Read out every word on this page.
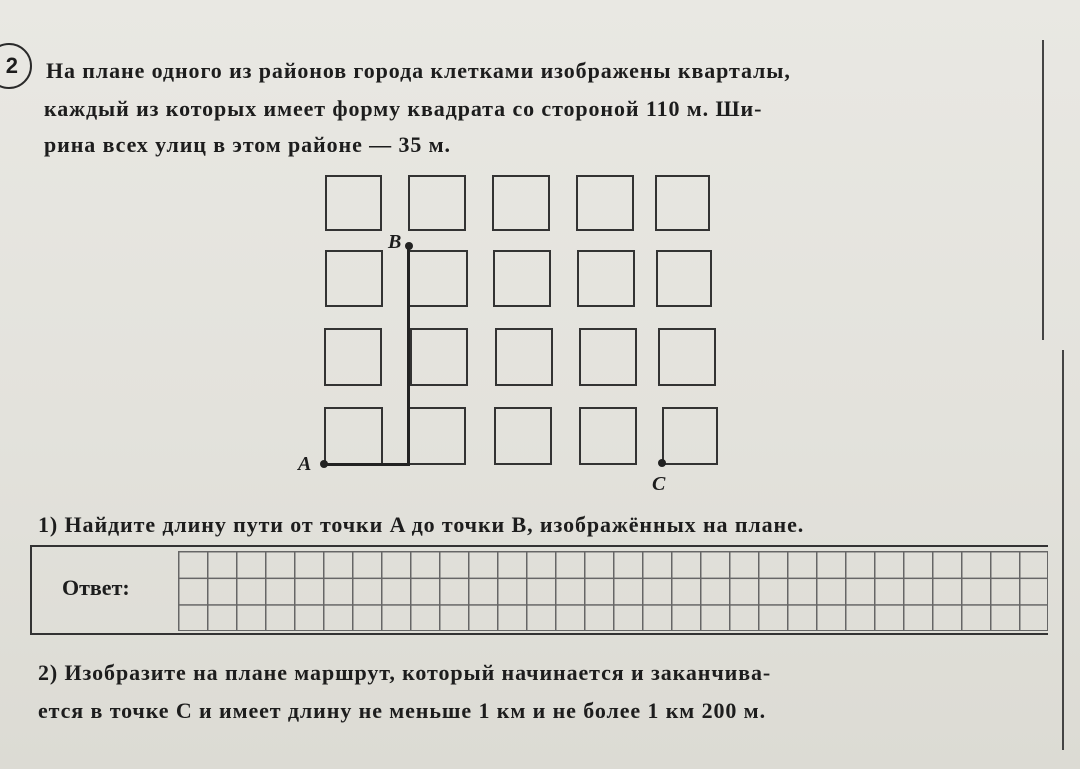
2	На плане одного из районов города клетками изображены кварталы,
каждый из которых имеет форму квадрата со стороной 110 м. Ши-
рина всех улиц в этом районе — 35 м.
A
B
C
1) Найдите длину пути от точки A до точки B, изображённых на плане.
Ответ:
2) Изобразите на плане маршрут, который начинается и заканчива-
ется в точке C и имеет длину не меньше 1 км и не более 1 км 200 м.
